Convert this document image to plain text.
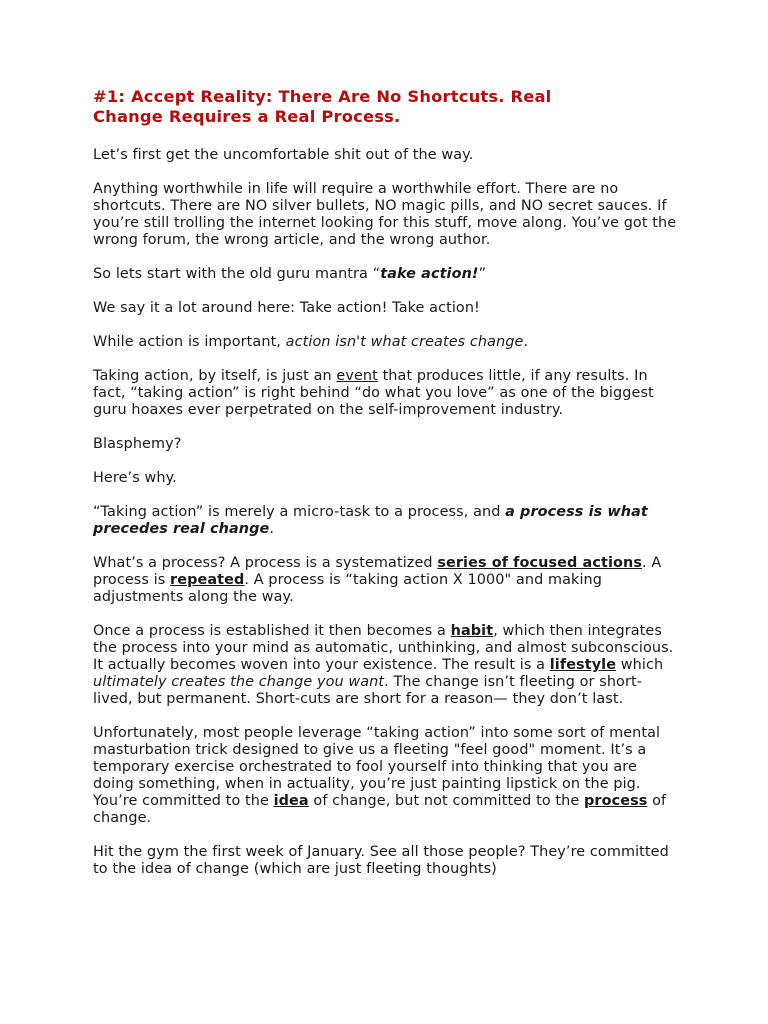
#1: Accept Reality: There Are No Shortcuts. Real
Change Requires a Real Process.

Let’s first get the uncomfortable shit out of the way.

Anything worthwhile in life will require a worthwhile effort. There are no shortcuts. There are NO silver bullets, NO magic pills, and NO secret sauces. If you’re still trolling the internet looking for this stuff, move along. You’ve got the wrong forum, the wrong article, and the wrong author.

So lets start with the old guru mantra “take action!”

We say it a lot around here: Take action! Take action!

While action is important, action isn't what creates change.

Taking action, by itself, is just an event that produces little, if any results. In fact, “taking action” is right behind “do what you love” as one of the biggest guru hoaxes ever perpetrated on the self-improvement industry.

Blasphemy?

Here’s why.

“Taking action” is merely a micro-task to a process, and a process is what precedes real change.

What’s a process? A process is a systematized series of focused actions. A process is repeated. A process is “taking action X 1000" and making adjustments along the way.

Once a process is established it then becomes a habit, which then integrates the process into your mind as automatic, unthinking, and almost subconscious. It actually becomes woven into your existence. The result is a lifestyle which ultimately creates the change you want. The change isn’t fleeting or short-lived, but permanent. Short-cuts are short for a reason— they don’t last.

Unfortunately, most people leverage “taking action” into some sort of mental masturbation trick designed to give us a fleeting "feel good" moment. It’s a temporary exercise orchestrated to fool yourself into thinking that you are doing something, when in actuality, you’re just painting lipstick on the pig. You’re committed to the idea of change, but not committed to the process of change.

Hit the gym the first week of January. See all those people? They’re committed to the idea of change (which are just fleeting thoughts)
